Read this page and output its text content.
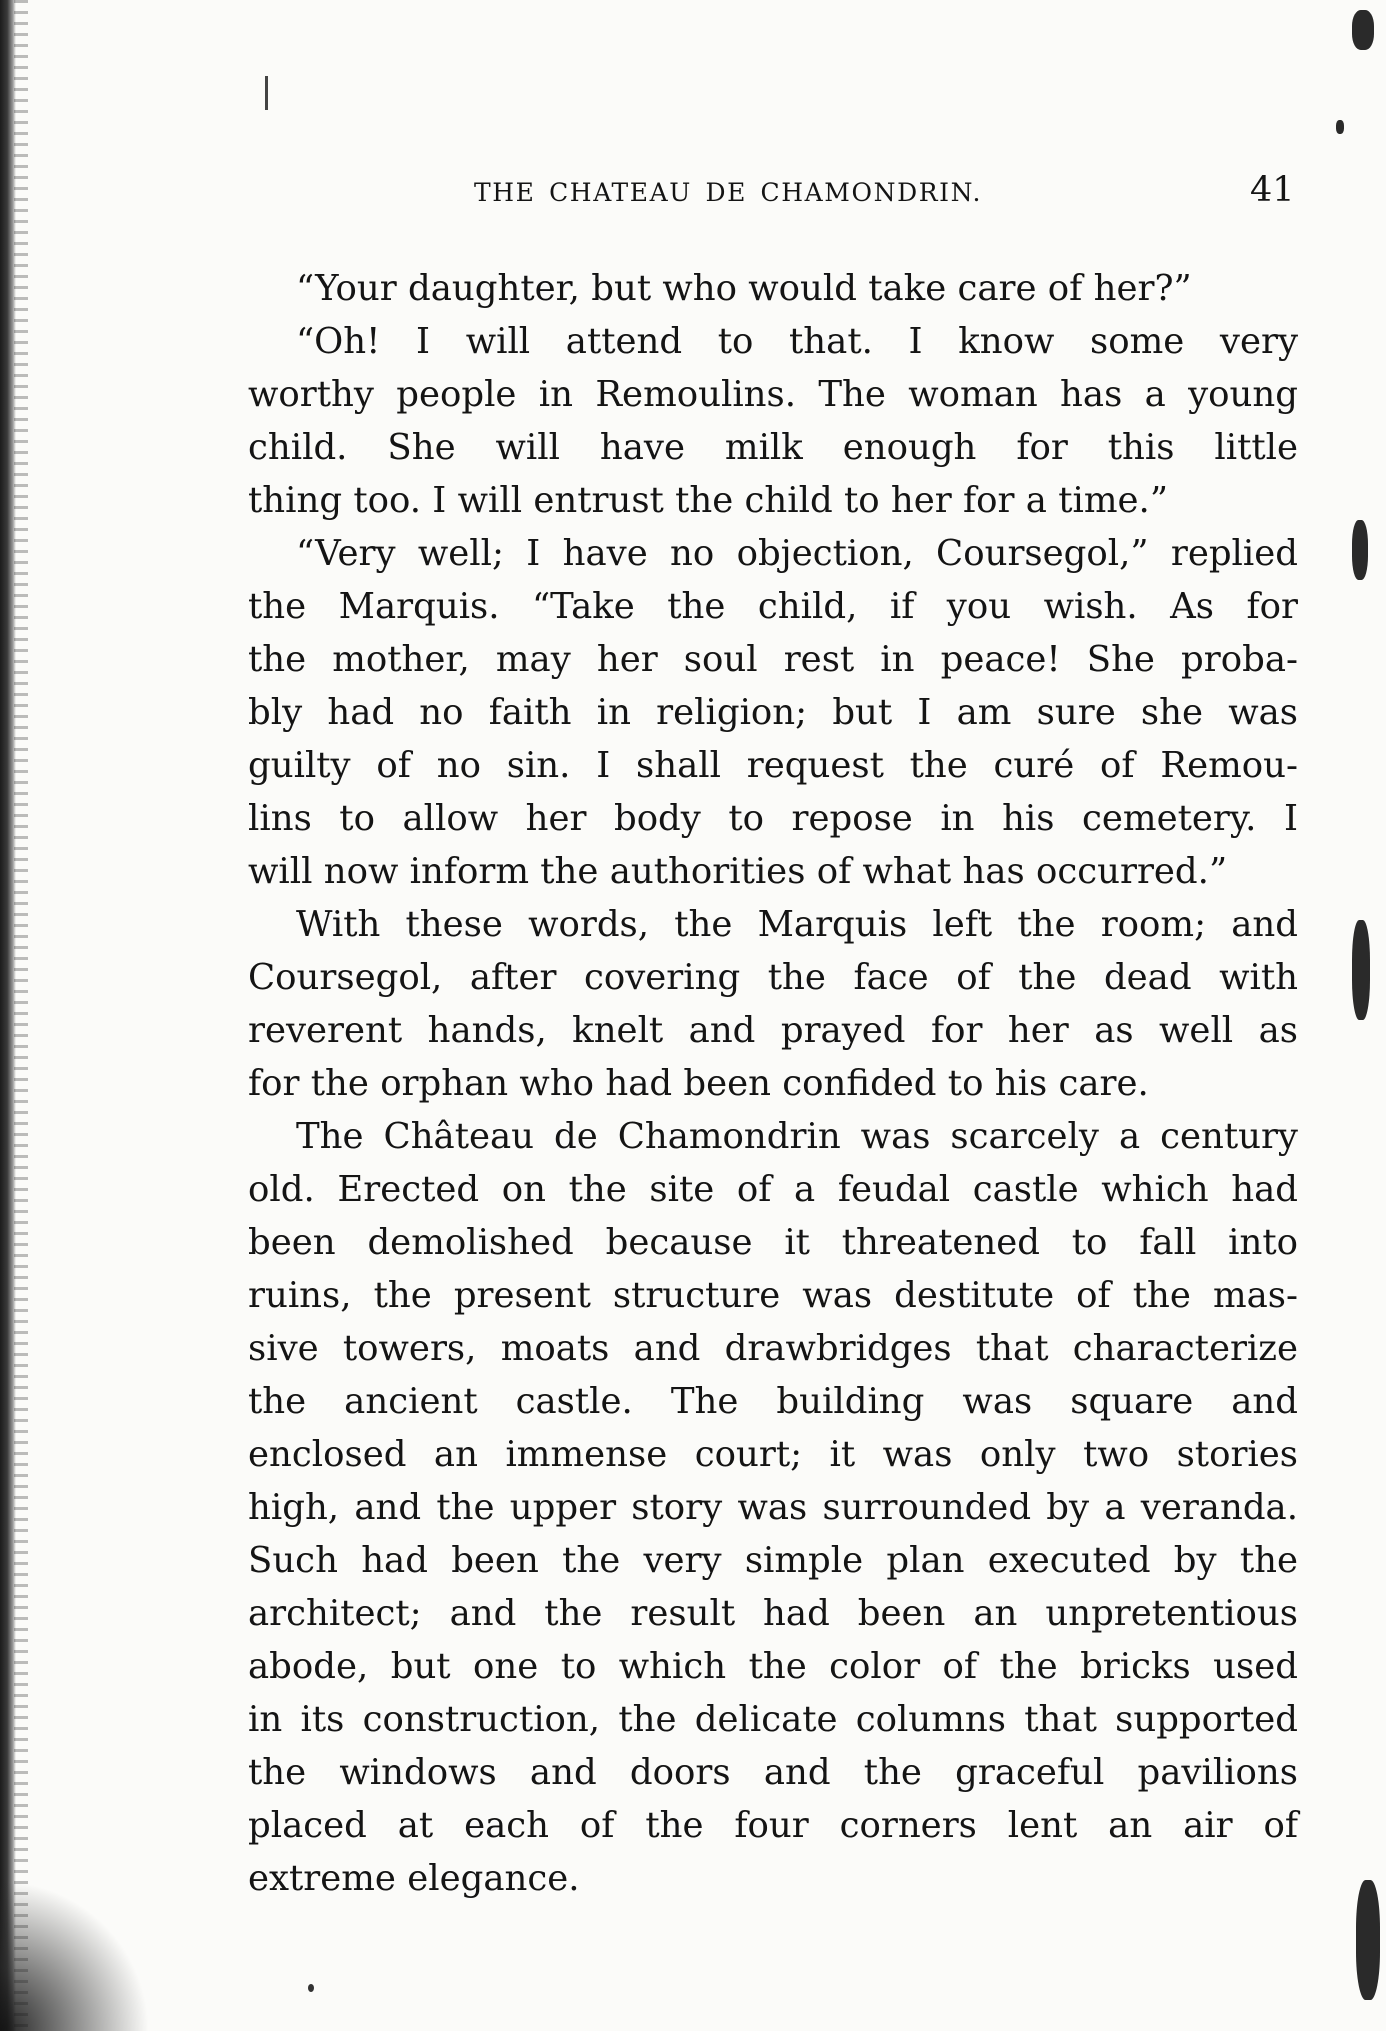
THE CHATEAU DE CHAMONDRIN.	41
“Your daughter, but who would take care of her?”
“Oh! I will attend to that. I know some very
worthy people in Remoulins. The woman has a young
child. She will have milk enough for this little
thing too. I will entrust the child to her for a time.”
“Very well; I have no objection, Coursegol,” replied
the Marquis. “Take the child, if you wish. As for
the mother, may her soul rest in peace! She proba-
bly had no faith in religion; but I am sure she was
guilty of no sin. I shall request the curé of Remou-
lins to allow her body to repose in his cemetery. I
will now inform the authorities of what has occurred.”
With these words, the Marquis left the room; and
Coursegol, after covering the face of the dead with
reverent hands, knelt and prayed for her as well as
for the orphan who had been confided to his care.
The Château de Chamondrin was scarcely a century
old. Erected on the site of a feudal castle which had
been demolished because it threatened to fall into
ruins, the present structure was destitute of the mas-
sive towers, moats and drawbridges that characterize
the ancient castle. The building was square and
enclosed an immense court; it was only two stories
high, and the upper story was surrounded by a veranda.
Such had been the very simple plan executed by the
architect; and the result had been an unpretentious
abode, but one to which the color of the bricks used
in its construction, the delicate columns that supported
the windows and doors and the graceful pavilions
placed at each of the four corners lent an air of
extreme elegance.
